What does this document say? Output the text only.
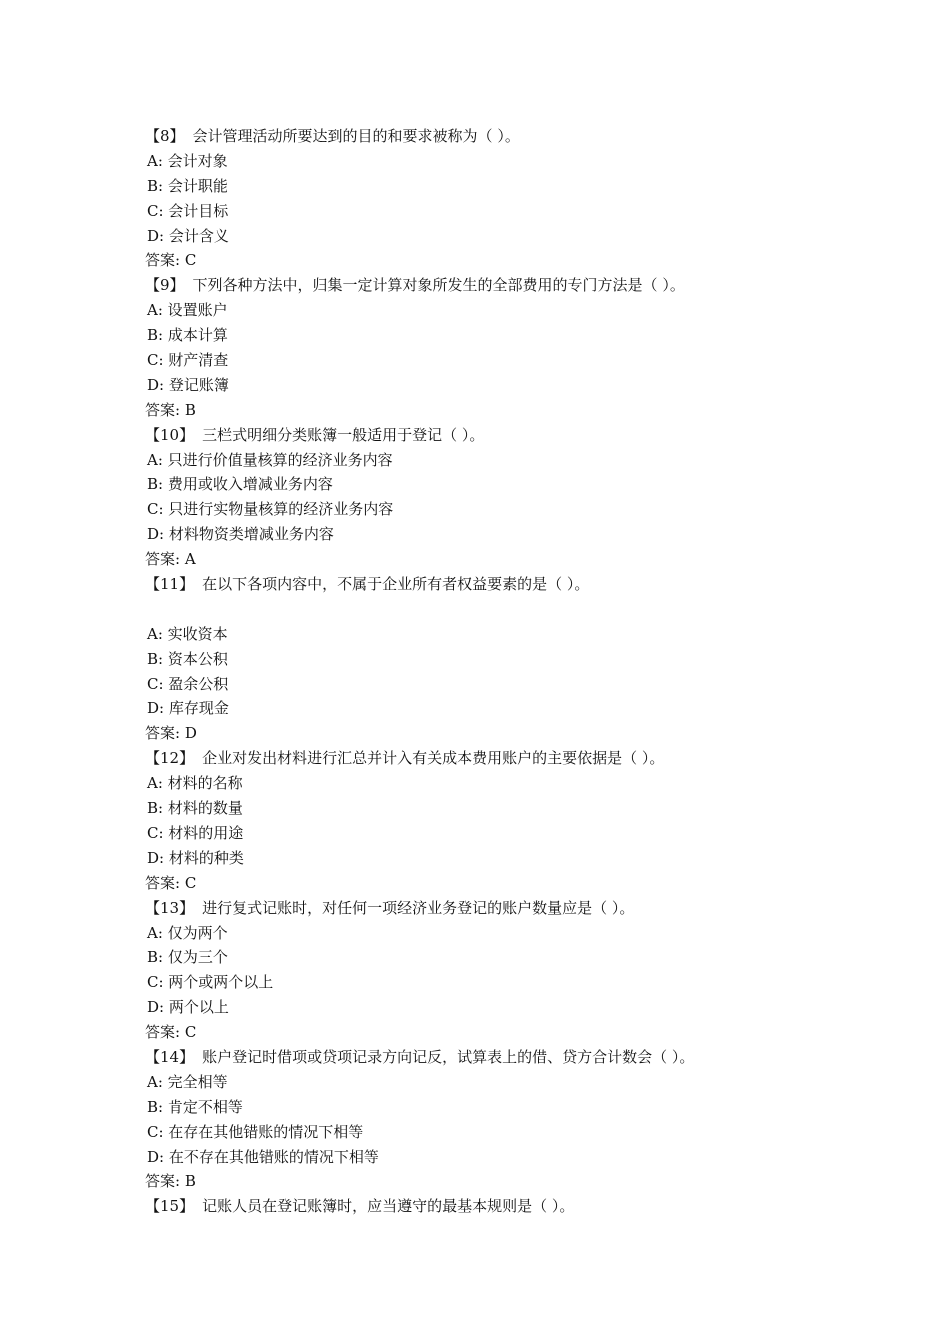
【8】 会计管理活动所要达到的目的和要求被称为（ ）。
A: 会计对象
B: 会计职能
C: 会计目标
D: 会计含义
答案: C
【9】 下列各种方法中，归集一定计算对象所发生的全部费用的专门方法是（ ）。
A: 设置账户
B: 成本计算
C: 财产清查
D: 登记账簿
答案: B
【10】 三栏式明细分类账簿一般适用于登记（ ）。
A: 只进行价值量核算的经济业务内容
B: 费用或收入增减业务内容
C: 只进行实物量核算的经济业务内容
D: 材料物资类增减业务内容
答案: A
【11】 在以下各项内容中，不属于企业所有者权益要素的是（ ）。
A: 实收资本
B: 资本公积
C: 盈余公积
D: 库存现金
答案: D
【12】 企业对发出材料进行汇总并计入有关成本费用账户的主要依据是（ ）。
A: 材料的名称
B: 材料的数量
C: 材料的用途
D: 材料的种类
答案: C
【13】 进行复式记账时，对任何一项经济业务登记的账户数量应是（ ）。
A: 仅为两个
B: 仅为三个
C: 两个或两个以上
D: 两个以上
答案: C
【14】 账户登记时借项或贷项记录方向记反，试算表上的借、贷方合计数会（ ）。
A: 完全相等
B: 肯定不相等
C: 在存在其他错账的情况下相等
D: 在不存在其他错账的情况下相等
答案: B
【15】 记账人员在登记账簿时，应当遵守的最基本规则是（ ）。
